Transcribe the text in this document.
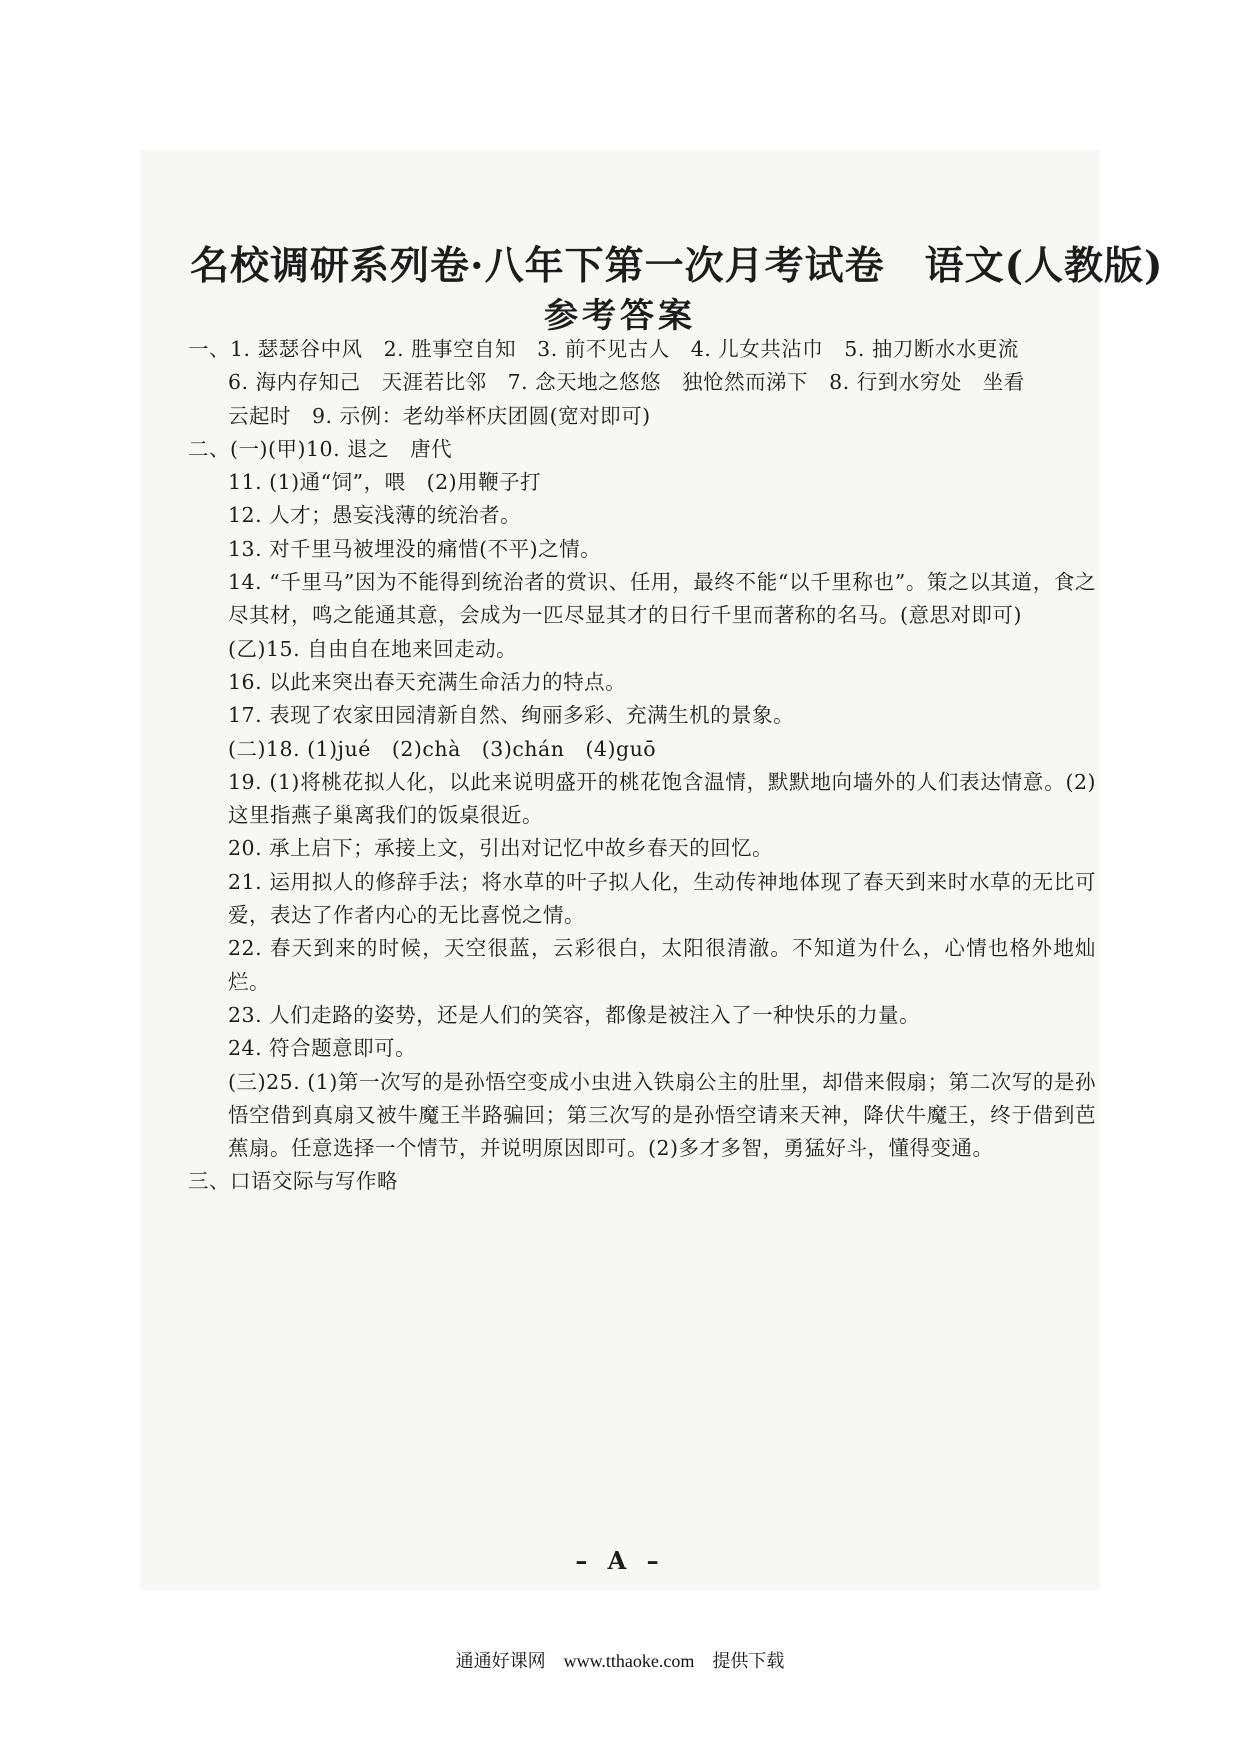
名校调研系列卷·八年下第一次月考试卷　语文(人教版)
参考答案

一、1. 瑟瑟谷中风　2. 胜事空自知　3. 前不见古人　4. 儿女共沾巾　5. 抽刀断水水更流

6. 海内存知己　天涯若比邻　7. 念天地之悠悠　独怆然而涕下　8. 行到水穷处　坐看

云起时　9. 示例：老幼举杯庆团圆(宽对即可)

二、(一)(甲)10. 退之　唐代

11. (1)通“饲”，喂　(2)用鞭子打

12. 人才；愚妄浅薄的统治者。

13. 对千里马被埋没的痛惜(不平)之情。

14. “千里马”因为不能得到统治者的赏识、任用，最终不能“以千里称也”。策之以其道，食之尽其材，鸣之能通其意，会成为一匹尽显其才的日行千里而著称的名马。(意思对即可)

(乙)15. 自由自在地来回走动。

16. 以此来突出春天充满生命活力的特点。

17. 表现了农家田园清新自然、绚丽多彩、充满生机的景象。

(二)18. (1)jué　(2)chà　(3)chán　(4)guō

19. (1)将桃花拟人化，以此来说明盛开的桃花饱含温情，默默地向墙外的人们表达情意。(2)这里指燕子巢离我们的饭桌很近。

20. 承上启下；承接上文，引出对记忆中故乡春天的回忆。

21. 运用拟人的修辞手法；将水草的叶子拟人化，生动传神地体现了春天到来时水草的无比可爱，表达了作者内心的无比喜悦之情。

22. 春天到来的时候，天空很蓝，云彩很白，太阳很清澈。不知道为什么，心情也格外地灿烂。

23. 人们走路的姿势，还是人们的笑容，都像是被注入了一种快乐的力量。

24. 符合题意即可。

(三)25. (1)第一次写的是孙悟空变成小虫进入铁扇公主的肚里，却借来假扇；第二次写的是孙悟空借到真扇又被牛魔王半路骗回；第三次写的是孙悟空请来天神，降伏牛魔王，终于借到芭蕉扇。任意选择一个情节，并说明原因即可。(2)多才多智，勇猛好斗，懂得变通。

三、口语交际与写作略

– A –
通通好课网　www.tthaoke.com　提供下载
